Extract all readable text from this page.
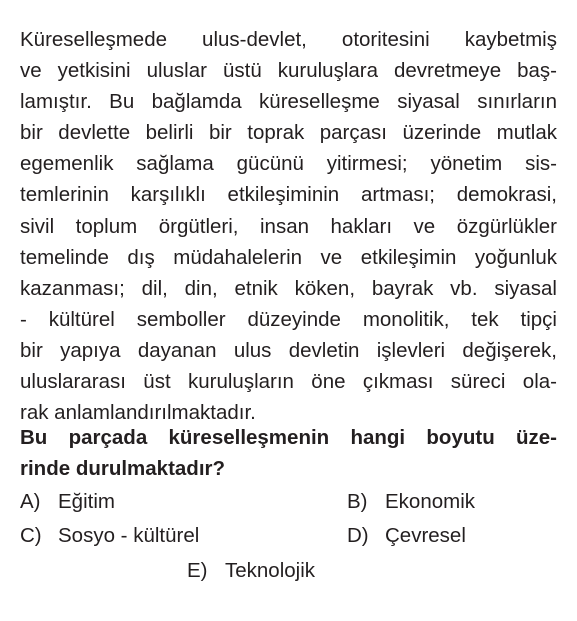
Küreselleşmede ulus-devlet, otoritesini kaybetmiş
ve yetkisini uluslar üstü kuruluşlara devretmeye baş-
lamıştır. Bu bağlamda küreselleşme siyasal sınırların
bir devlette belirli bir toprak parçası üzerinde mutlak
egemenlik sağlama gücünü yitirmesi; yönetim sis-
temlerinin karşılıklı etkileşiminin artması; demokrasi,
sivil toplum örgütleri, insan hakları ve özgürlükler
temelinde dış müdahalelerin ve etkileşimin yoğunluk
kazanması; dil, din, etnik köken, bayrak vb. siyasal
- kültürel semboller düzeyinde monolitik, tek tipçi
bir yapıya dayanan ulus devletin işlevleri değişerek,
uluslararası üst kuruluşların öne çıkması süreci ola-
rak anlamlandırılmaktadır.
Bu parçada küreselleşmenin hangi boyutu üze-
rinde durulmaktadır?
A) Eğitim	B) Ekonomik
C) Sosyo - kültürel	D) Çevresel
E) Teknolojik
